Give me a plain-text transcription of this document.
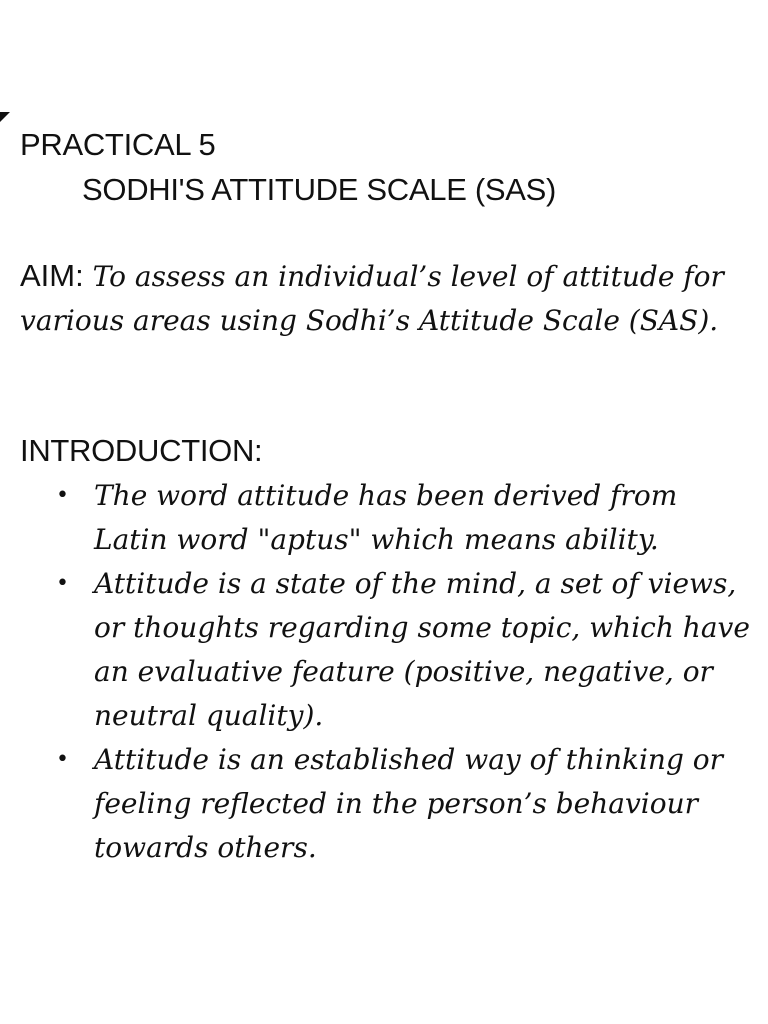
PRACTICAL 5
SODHI'S ATTITUDE SCALE (SAS)

AIM: To assess an individual’s level of attitude for various areas using Sodhi’s Attitude Scale (SAS).

INTRODUCTION:
• The word attitude has been derived from Latin word "aptus" which means ability.
• Attitude is a state of the mind, a set of views, or thoughts regarding some topic, which have an evaluative feature (positive, negative, or neutral quality).
• Attitude is an established way of thinking or feeling reflected in the person’s behaviour towards others.
